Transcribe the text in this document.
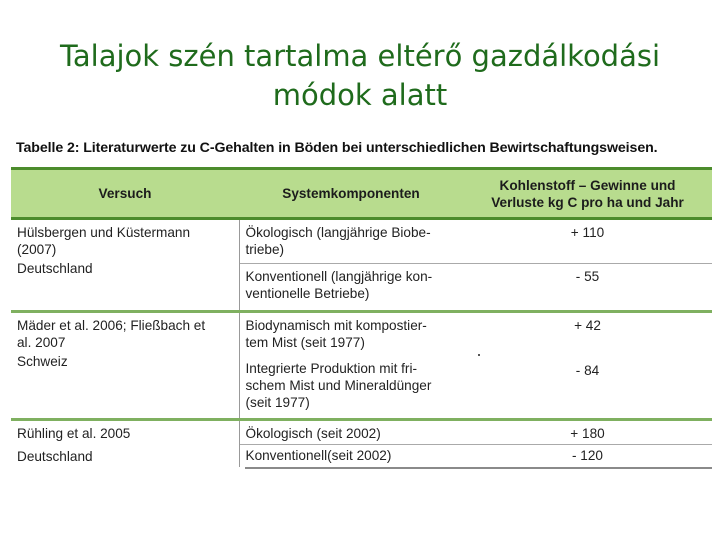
Talajok szén tartalma eltérő gazdálkodási
módok alatt
Tabelle 2: Literaturwerte zu C-Gehalten in Böden bei unterschiedlichen Bewirtschaftungsweisen.
Versuch	Systemkomponenten	Kohlenstoff – Gewinne und
Verluste kg C pro ha und Jahr

Hülsbergen und Küstermann
(2007)
Deutschland	Ökologisch (langjährige Biobe-
triebe)	+ 110

	Konventionell (langjährige kon-
ventionelle Betriebe)	- 55

Mäder et al. 2006; Fließbach et
al. 2007
Schweiz	Biodynamisch mit kompostier-
tem Mist (seit 1977)	+ 42

	Integrierte Produktion mit fri-
schem Mist und Mineraldünger
(seit 1977)	- 84

Rühling et al. 2005
Deutschland	Ökologisch (seit 2002)	+ 180
	Konventionell(seit 2002)	- 120
